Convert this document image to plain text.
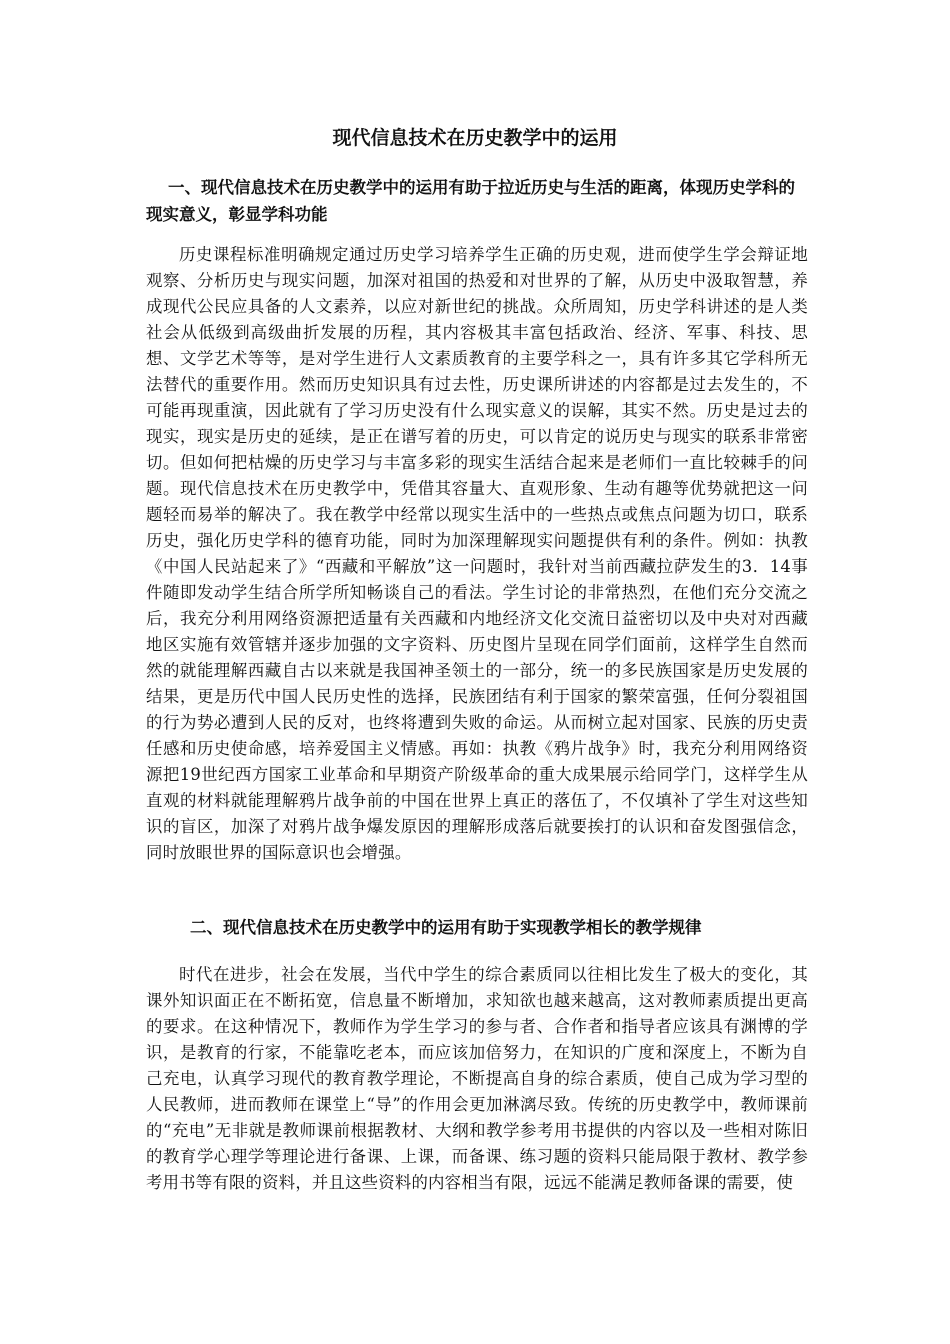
现代信息技术在历史教学中的运用
一、现代信息技术在历史教学中的运用有助于拉近历史与生活的距离，体现历史学科的现实意义，彰显学科功能

历史课程标准明确规定通过历史学习培养学生正确的历史观，进而使学生学会辩证地观察、分析历史与现实问题，加深对祖国的热爱和对世界的了解，从历史中汲取智慧，养成现代公民应具备的人文素养，以应对新世纪的挑战。众所周知，历史学科讲述的是人类社会从低级到高级曲折发展的历程，其内容极其丰富包括政治、经济、军事、科技、思想、文学艺术等等，是对学生进行人文素质教育的主要学科之一，具有许多其它学科所无法替代的重要作用。然而历史知识具有过去性，历史课所讲述的内容都是过去发生的，不可能再现重演，因此就有了学习历史没有什么现实意义的误解，其实不然。历史是过去的现实，现实是历史的延续，是正在谱写着的历史，可以肯定的说历史与现实的联系非常密切。但如何把枯燥的历史学习与丰富多彩的现实生活结合起来是老师们一直比较棘手的问题。现代信息技术在历史教学中，凭借其容量大、直观形象、生动有趣等优势就把这一问题轻而易举的解决了。我在教学中经常以现实生活中的一些热点或焦点问题为切口，联系历史，强化历史学科的德育功能，同时为加深理解现实问题提供有利的条件。例如：执教《中国人民站起来了》“西藏和平解放”这一问题时，我针对当前西藏拉萨发生的3．14事件随即发动学生结合所学所知畅谈自己的看法。学生讨论的非常热烈，在他们充分交流之后，我充分利用网络资源把适量有关西藏和内地经济文化交流日益密切以及中央对对西藏地区实施有效管辖并逐步加强的文字资料、历史图片呈现在同学们面前，这样学生自然而然的就能理解西藏自古以来就是我国神圣领土的一部分，统一的多民族国家是历史发展的结果，更是历代中国人民历史性的选择，民族团结有利于国家的繁荣富强，任何分裂祖国的行为势必遭到人民的反对，也终将遭到失败的命运。从而树立起对国家、民族的历史责任感和历史使命感，培养爱国主义情感。再如：执教《鸦片战争》时，我充分利用网络资源把19世纪西方国家工业革命和早期资产阶级革命的重大成果展示给同学门，这样学生从直观的材料就能理解鸦片战争前的中国在世界上真正的落伍了，不仅填补了学生对这些知识的盲区，加深了对鸦片战争爆发原因的理解形成落后就要挨打的认识和奋发图强信念，同时放眼世界的国际意识也会增强。

二、现代信息技术在历史教学中的运用有助于实现教学相长的教学规律

时代在进步，社会在发展，当代中学生的综合素质同以往相比发生了极大的变化，其课外知识面正在不断拓宽，信息量不断增加，求知欲也越来越高，这对教师素质提出更高的要求。在这种情况下，教师作为学生学习的参与者、合作者和指导者应该具有渊博的学识，是教育的行家，不能靠吃老本，而应该加倍努力，在知识的广度和深度上，不断为自己充电，认真学习现代的教育教学理论，不断提高自身的综合素质，使自己成为学习型的人民教师，进而教师在课堂上“导”的作用会更加淋漓尽致。传统的历史教学中，教师课前的“充电”无非就是教师课前根据教材、大纲和教学参考用书提供的内容以及一些相对陈旧的教育学心理学等理论进行备课、上课，而备课、练习题的资料只能局限于教材、教学参考用书等有限的资料，并且这些资料的内容相当有限，远远不能满足教师备课的需要，使
